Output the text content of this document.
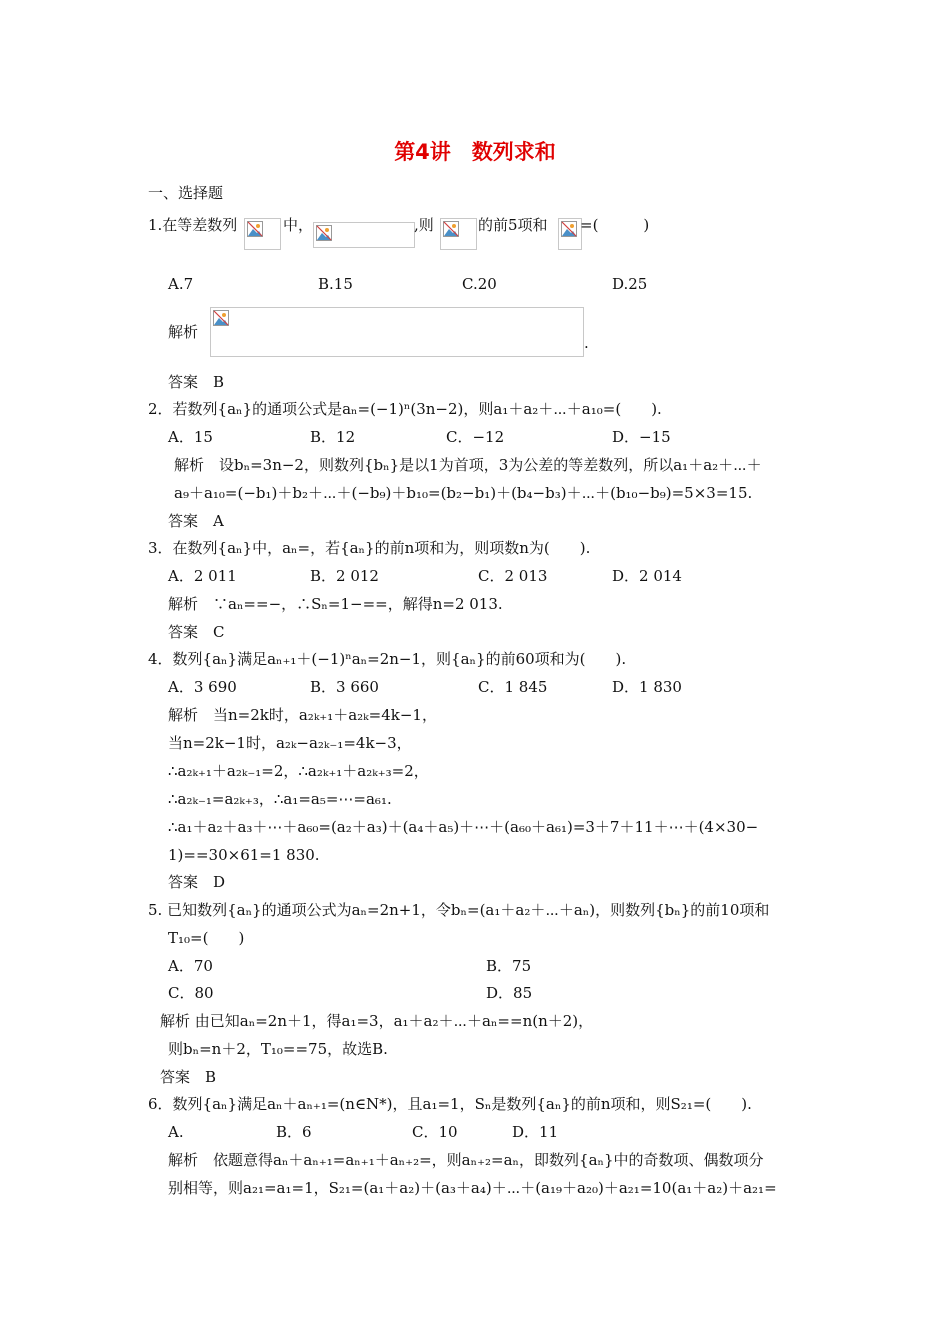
第4讲　数列求和
一、选择题
1.在等差数列	中，	,则	的前5项和 =(　　　)
A.7	B.15	C.20	D.25
解析
.
答案　B
2．若数列{aₙ}的通项公式是aₙ=(−1)ⁿ(3n−2)，则a₁＋a₂＋⋯＋a₁₀=(　　).
A．15	B．12	C．−12	D．−15
解析　设bₙ=3n−2，则数列{bₙ}是以1为首项，3为公差的等差数列，所以a₁＋a₂＋⋯＋
a₉＋a₁₀=(−b₁)＋b₂＋⋯＋(−b₉)＋b₁₀=(b₂−b₁)＋(b₄−b₃)＋⋯＋(b₁₀−b₉)=5×3=15.
答案　A
3．在数列{aₙ}中，aₙ=，若{aₙ}的前n项和为，则项数n为(　　).
A．2 011	B．2 012	C．2 013	D．2 014
解析　∵aₙ==−，∴Sₙ=1−==，解得n=2 013.
答案　C
4．数列{aₙ}满足aₙ₊₁＋(−1)ⁿaₙ=2n−1，则{aₙ}的前60项和为(　　).
A．3 690	B．3 660	C．1 845	D．1 830
解析　当n=2k时，a₂ₖ₊₁＋a₂ₖ=4k−1，
当n=2k−1时，a₂ₖ−a₂ₖ₋₁=4k−3，
∴a₂ₖ₊₁＋a₂ₖ₋₁=2，∴a₂ₖ₊₁＋a₂ₖ₊₃=2，
∴a₂ₖ₋₁=a₂ₖ₊₃，∴a₁=a₅=⋯=a₆₁.
∴a₁＋a₂＋a₃＋⋯＋a₆₀=(a₂＋a₃)＋(a₄＋a₅)＋⋯＋(a₆₀＋a₆₁)=3＋7＋11＋⋯＋(4×30−
1)==30×61=1 830.
答案　D
5. 已知数列{aₙ}的通项公式为aₙ=2n+1，令bₙ=(a₁＋a₂＋⋯＋aₙ)，则数列{bₙ}的前10项和
T₁₀=(　　)
A．70	B．75
C．80	D．85
解析 由已知aₙ=2n＋1，得a₁=3，a₁＋a₂＋⋯＋aₙ==n(n＋2)，
则bₙ=n＋2，T₁₀==75，故选B.
答案　B
6．数列{aₙ}满足aₙ＋aₙ₊₁=(n∈N*)，且a₁=1，Sₙ是数列{aₙ}的前n项和，则S₂₁=(　　).
A.	B．6	C．10	D．11
解析　依题意得aₙ＋aₙ₊₁=aₙ₊₁＋aₙ₊₂=，则aₙ₊₂=aₙ，即数列{aₙ}中的奇数项、偶数项分
别相等，则a₂₁=a₁=1，S₂₁=(a₁＋a₂)＋(a₃＋a₄)＋⋯＋(a₁₉＋a₂₀)＋a₂₁=10(a₁＋a₂)＋a₂₁=
